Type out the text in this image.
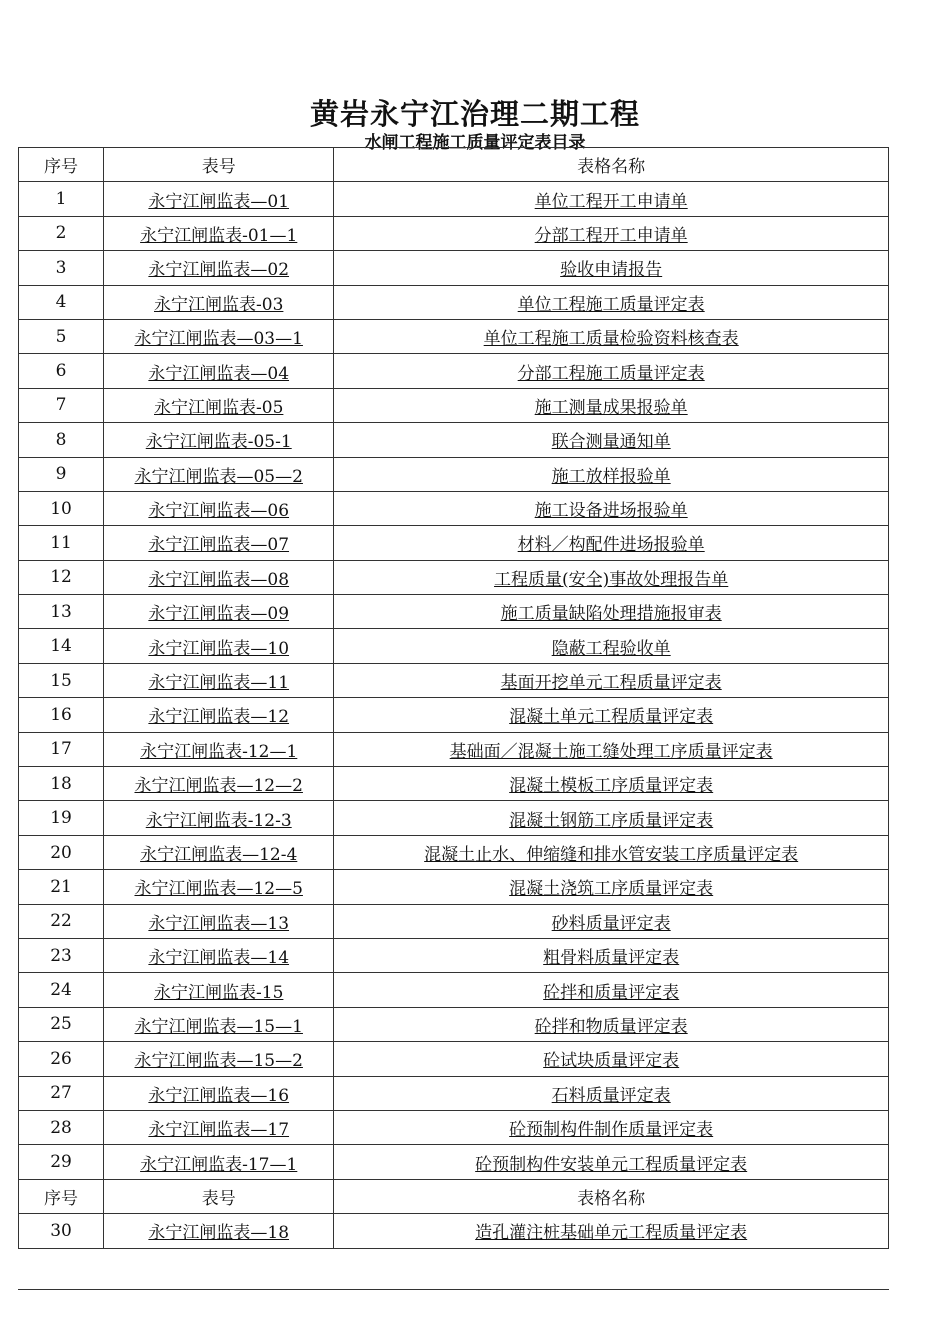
黄岩永宁江治理二期工程
水闸工程施工质量评定表目录
序号	表号	表格名称
1	永宁江闸监表—01	单位工程开工申请单
2	永宁江闸监表-01—1	分部工程开工申请单
3	永宁江闸监表—02	验收申请报告
4	永宁江闸监表-03	单位工程施工质量评定表
5	永宁江闸监表—03—1	单位工程施工质量检验资料核查表
6	永宁江闸监表—04	分部工程施工质量评定表
7	永宁江闸监表-05	施工测量成果报验单
8	永宁江闸监表-05-1	联合测量通知单
9	永宁江闸监表—05—2	施工放样报验单
10	永宁江闸监表—06	施工设备进场报验单
11	永宁江闸监表—07	材料／构配件进场报验单
12	永宁江闸监表—08	工程质量(安全)事故处理报告单
13	永宁江闸监表—09	施工质量缺陷处理措施报审表
14	永宁江闸监表—10	隐蔽工程验收单
15	永宁江闸监表—11	基面开挖单元工程质量评定表
16	永宁江闸监表—12	混凝土单元工程质量评定表
17	永宁江闸监表-12—1	基础面／混凝土施工缝处理工序质量评定表
18	永宁江闸监表—12—2	混凝土模板工序质量评定表
19	永宁江闸监表-12-3	混凝土钢筋工序质量评定表
20	永宁江闸监表—12-4	混凝土止水、伸缩缝和排水管安装工序质量评定表
21	永宁江闸监表—12—5	混凝土浇筑工序质量评定表
22	永宁江闸监表—13	砂料质量评定表
23	永宁江闸监表—14	粗骨料质量评定表
24	永宁江闸监表-15	砼拌和质量评定表
25	永宁江闸监表—15—1	砼拌和物质量评定表
26	永宁江闸监表—15—2	砼试块质量评定表
27	永宁江闸监表—16	石料质量评定表
28	永宁江闸监表—17	砼预制构件制作质量评定表
29	永宁江闸监表-17—1	砼预制构件安装单元工程质量评定表
序号	表号	表格名称
30	永宁江闸监表—18	造孔灌注桩基础单元工程质量评定表
